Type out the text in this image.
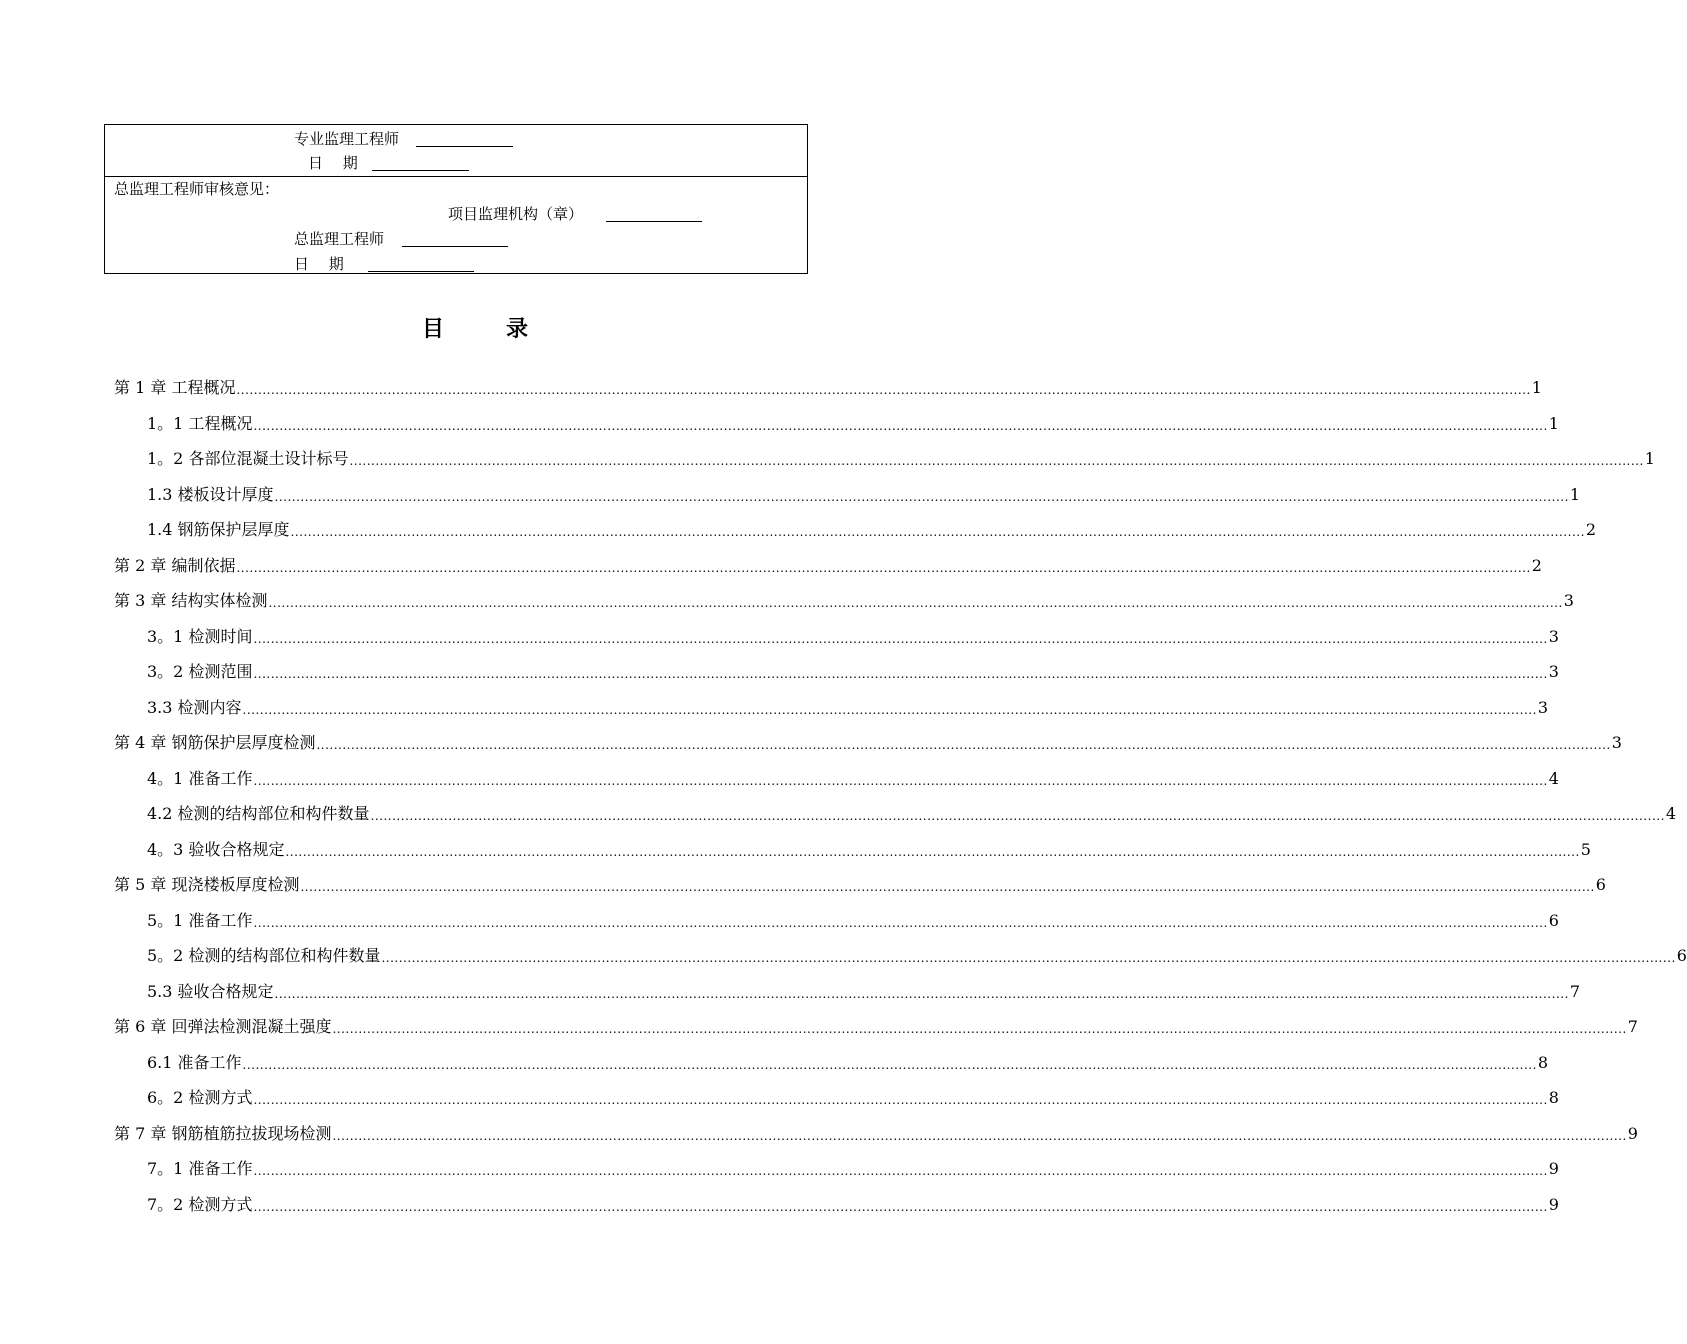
专业监理工程师
日　 期
总监理工程师审核意见：
项目监理机构（章）
总监理工程师
日　 期
目录
第 1 章 工程概况 ............................................................................................................................................................................................................................................................................................................ 1
1。1 工程概况 ............................................................................................................................................................................................................................................................................................................ 1
1。2 各部位混凝土设计标号 ............................................................................................................................................................................................................................................................................................................ 1
1.3 楼板设计厚度 ............................................................................................................................................................................................................................................................................................................ 1
1.4 钢筋保护层厚度 ............................................................................................................................................................................................................................................................................................................ 2
第 2 章 编制依据 ............................................................................................................................................................................................................................................................................................................ 2
第 3 章 结构实体检测 ............................................................................................................................................................................................................................................................................................................ 3
3。1 检测时间 ............................................................................................................................................................................................................................................................................................................ 3
3。2 检测范围 ............................................................................................................................................................................................................................................................................................................ 3
3.3 检测内容 ............................................................................................................................................................................................................................................................................................................ 3
第 4 章 钢筋保护层厚度检测 ............................................................................................................................................................................................................................................................................................................ 3
4。1 准备工作 ............................................................................................................................................................................................................................................................................................................ 4
4.2 检测的结构部位和构件数量 ............................................................................................................................................................................................................................................................................................................ 4
4。3 验收合格规定 ............................................................................................................................................................................................................................................................................................................ 5
第 5 章 现浇楼板厚度检测 ............................................................................................................................................................................................................................................................................................................ 6
5。1 准备工作 ............................................................................................................................................................................................................................................................................................................ 6
5。2 检测的结构部位和构件数量 ............................................................................................................................................................................................................................................................................................................ 6
5.3 验收合格规定 ............................................................................................................................................................................................................................................................................................................ 7
第 6 章 回弹法检测混凝土强度 ............................................................................................................................................................................................................................................................................................................ 7
6.1 准备工作 ............................................................................................................................................................................................................................................................................................................ 8
6。2 检测方式 ............................................................................................................................................................................................................................................................................................................ 8
第 7 章 钢筋植筋拉拔现场检测 ............................................................................................................................................................................................................................................................................................................ 9
7。1 准备工作 ............................................................................................................................................................................................................................................................................................................ 9
7。2 检测方式 ............................................................................................................................................................................................................................................................................................................ 9
